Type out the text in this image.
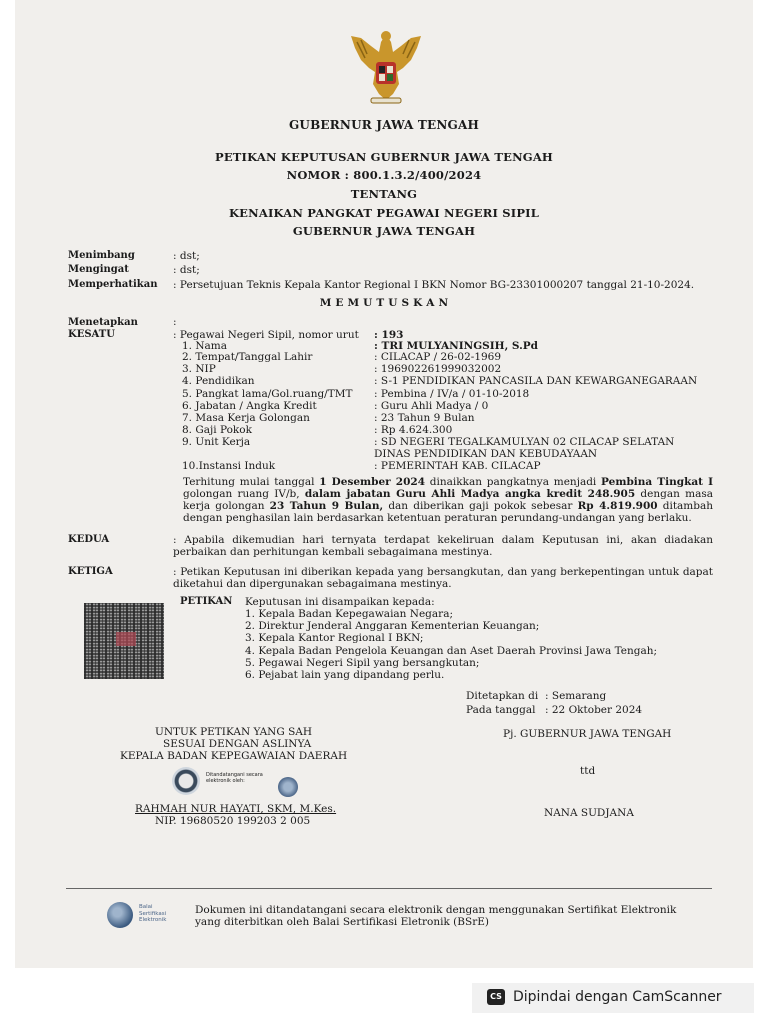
GUBERNUR JAWA TENGAH
PETIKAN KEPUTUSAN GUBERNUR JAWA TENGAH
NOMOR : 800.1.3.2/400/2024
TENTANG
KENAIKAN PANGKAT PEGAWAI NEGERI SIPIL
GUBERNUR JAWA TENGAH
Menimbang	: dst;
Mengingat	: dst;
Memperhatikan : Persetujuan Teknis Kepala Kantor Regional I BKN Nomor BG-23301000207 tanggal 21-10-2024.
M E M U T U S K A N
Menetapkan	:
KESATU	: Pegawai Negeri Sipil, nomor urut : 193
1. Nama	: TRI MULYANINGSIH, S.Pd
2. Tempat/Tanggal Lahir	: CILACAP / 26-02-1969
3. NIP	: 196902261999032002
4. Pendidikan	: S-1 PENDIDIKAN PANCASILA DAN KEWARGANEGARAAN
5. Pangkat lama/Gol.ruang/TMT : Pembina / IV/a / 01-10-2018
6. Jabatan / Angka Kredit	: Guru Ahli Madya / 0
7. Masa Kerja Golongan	: 23 Tahun 9 Bulan
8. Gaji Pokok	: Rp 4.624.300
9. Unit Kerja	: SD NEGERI TEGALKAMULYAN 02 CILACAP SELATAN
DINAS PENDIDIKAN DAN KEBUDAYAAN
10.Instansi Induk	: PEMERINTAH KAB. CILACAP
Terhitung mulai tanggal 1 Desember 2024 dinaikkan pangkatnya menjadi Pembina Tingkat I golongan ruang IV/b, dalam jabatan Guru Ahli Madya angka kredit 248.905 dengan masa kerja golongan 23 Tahun 9 Bulan, dan diberikan gaji pokok sebesar Rp 4.819.900 ditambah dengan penghasilan lain berdasarkan ketentuan peraturan perundang-undangan yang berlaku.
KEDUA	: Apabila dikemudian hari ternyata terdapat kekeliruan dalam Keputusan ini, akan diadakan perbaikan dan perhitungan kembali sebagaimana mestinya.
KETIGA	: Petikan Keputusan ini diberikan kepada yang bersangkutan, dan yang berkepentingan untuk dapat diketahui dan dipergunakan sebagaimana mestinya.
PETIKAN Keputusan ini disampaikan kepada:
1. Kepala Badan Kepegawaian Negara;
2. Direktur Jenderal Anggaran Kementerian Keuangan;
3. Kepala Kantor Regional I BKN;
4. Kepala Badan Pengelola Keuangan dan Aset Daerah Provinsi Jawa Tengah;
5. Pegawai Negeri Sipil yang bersangkutan;
6. Pejabat lain yang dipandang perlu.
Ditetapkan di : Semarang
Pada tanggal : 22 Oktober 2024
Pj. GUBERNUR JAWA TENGAH
ttd
NANA SUDJANA
UNTUK PETIKAN YANG SAH
SESUAI DENGAN ASLINYA
KEPALA BADAN KEPEGAWAIAN DAERAH
Ditandatangani secara elektronik oleh:
RAHMAH NUR HAYATI, SKM, M.Kes.
NIP. 19680520 199203 2 005
Balai
Sertifikasi
Elektronik
Dokumen ini ditandatangani secara elektronik dengan menggunakan Sertifikat Elektronik
yang diterbitkan oleh Balai Sertifikasi Eletronik (BSrE)
CS Dipindai dengan CamScanner
